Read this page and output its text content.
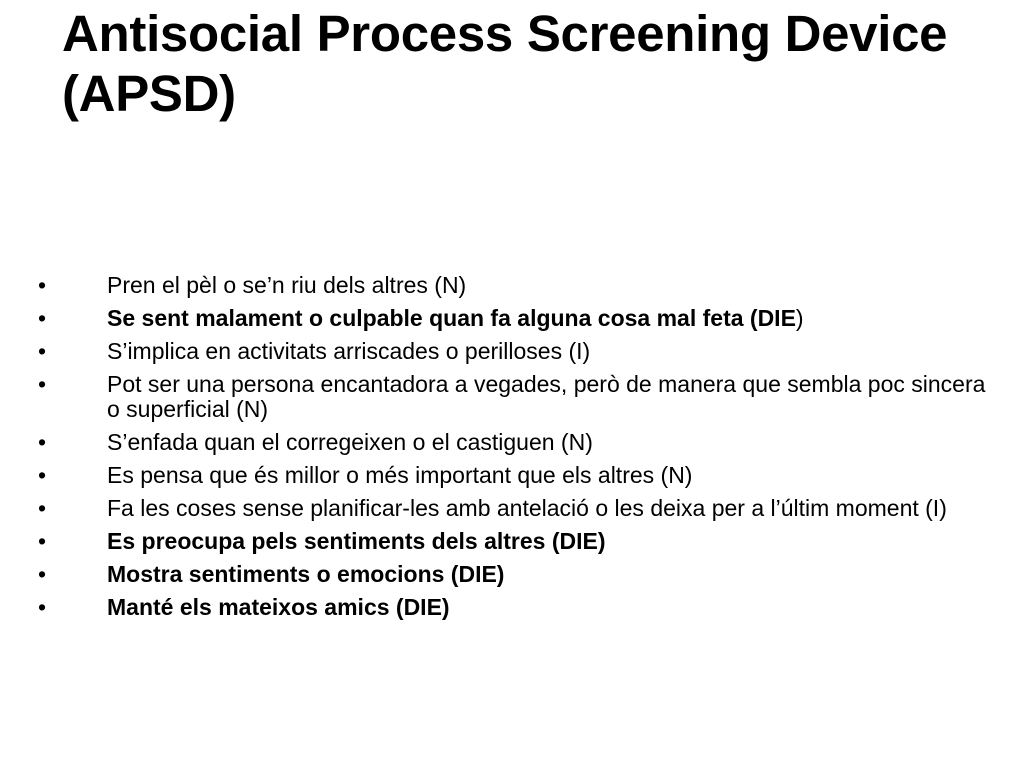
Antisocial Process Screening Device (APSD)
•	Pren el pèl o se’n riu dels altres (N)
•	Se sent malament o culpable quan fa alguna cosa mal feta (DIE)
•	S’implica en activitats arriscades o perilloses (I)
•	Pot ser una persona encantadora a vegades, però de manera que sembla poc sincera o superficial (N)
•	S’enfada quan el corregeixen o el castiguen (N)
•	Es pensa que és millor o més important que els altres (N)
•	Fa les coses sense planificar-les amb antelació o les deixa per a l’últim moment (I)
•	Es preocupa pels sentiments dels altres (DIE)
•	Mostra sentiments o emocions (DIE)
•	Manté els mateixos amics (DIE)
